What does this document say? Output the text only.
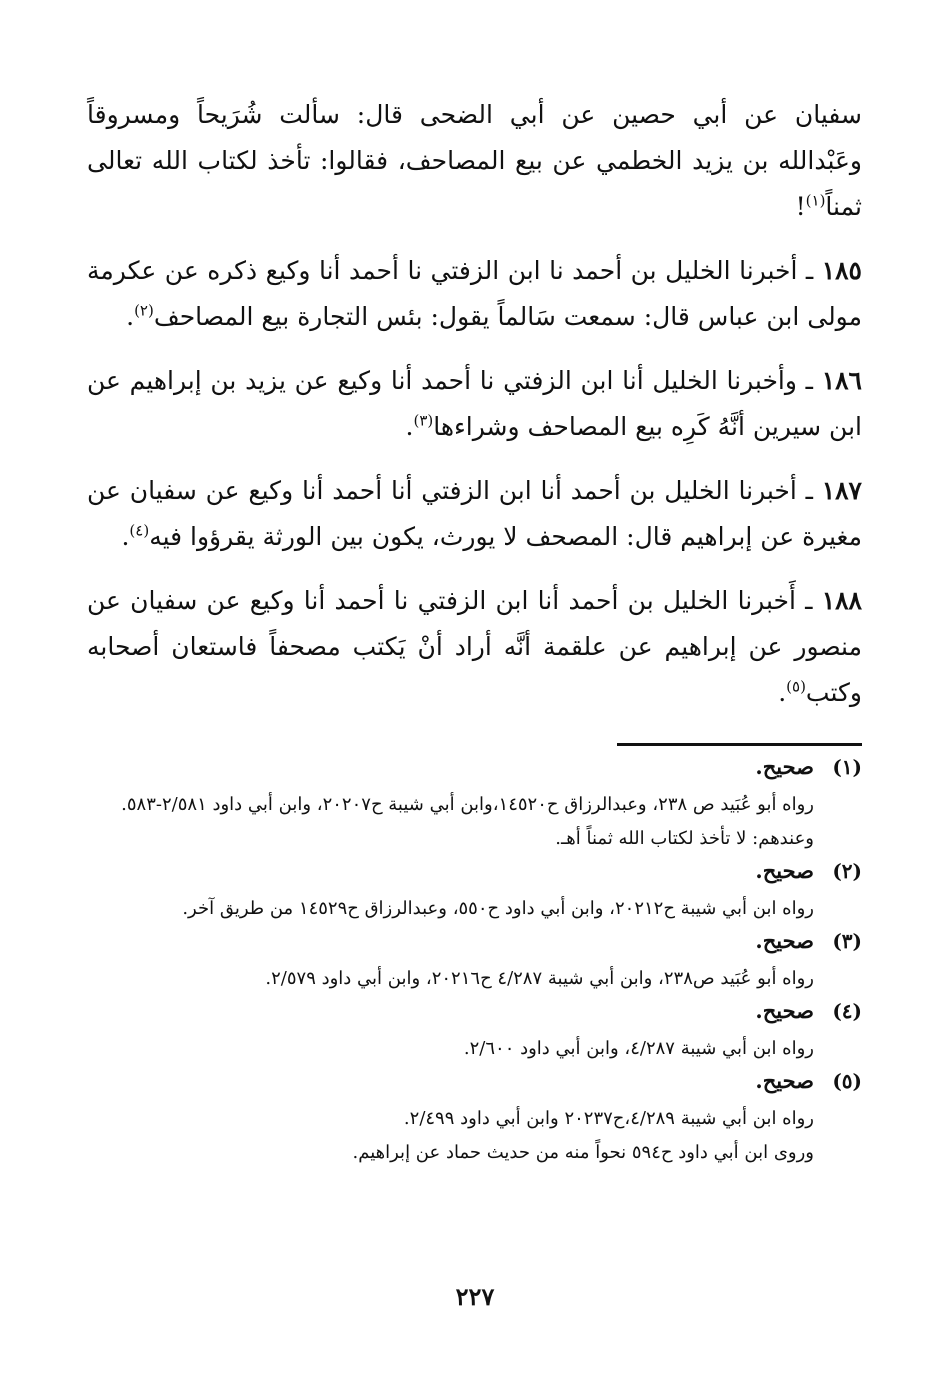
سفيان عن أبي حصين عن أبي الضحى قال: سألت شُرَيحاً ومسروقاً وعَبْدالله بن يزيد الخطمي عن بيع المصاحف، فقالوا: تأخذ لكتاب الله تعالى ثمناً$^{(١)}$!

١٨٥ ـ أخبرنا الخليل بن أحمد نا ابن الزفتي نا أحمد أنا وكيع ذكره عن عكرمة مولى ابن عباس قال: سمعت سَالماً يقول: بئس التجارة بيع المصاحف$^{(٢)}$.

١٨٦ ـ وأخبرنا الخليل أنا ابن الزفتي نا أحمد أنا وكيع عن يزيد بن إبراهيم عن ابن سيرين أنَّهُ كَرِه بيع المصاحف وشراءها$^{(٣)}$.

١٨٧ ـ أخبرنا الخليل بن أحمد أنا ابن الزفتي أنا أحمد أنا وكيع عن سفيان عن مغيرة عن إبراهيم قال: المصحف لا يورث، يكون بين الورثة يقرؤوا فيه$^{(٤)}$.

١٨٨ ـ أَخبرنا الخليل بن أحمد أنا ابن الزفتي نا أحمد أنا وكيع عن سفيان عن منصور عن إبراهيم عن علقمة أنَّه أراد أنْ يَكتب مصحفاً فاستعان أصحابه وكتب$^{(٥)}$.

(١)
صحيح.

رواه أبو عُبَيد ص ٢٣٨، وعبدالرزاق ح١٤٥٢٠،وابن أبي شيبة ح٢٠٢٠٧، وابن أبي داود ٢/٥٨١-٥٨٣.

وعندهم: لا تأخذ لكتاب الله ثمناً أهـ.

(٢)
صحيح.

رواه ابن أبي شيبة ح٢٠٢١٢، وابن أبي داود ح٥٥٠، وعبدالرزاق ح١٤٥٢٩ من طريق آخر.

(٣)
صحيح.

رواه أبو عُبَيد ص٢٣٨، وابن أبي شيبة ٤/٢٨٧ ح٢٠٢١٦، وابن أبي داود ٢/٥٧٩.

(٤)
صحيح.

رواه ابن أبي شيبة ٤/٢٨٧، وابن أبي داود ٢/٦٠٠.

(٥)
صحيح.

رواه ابن أبي شيبة ٤/٢٨٩،ح٢٠٢٣٧ وابن أبي داود ٢/٤٩٩.

وروى ابن أبي داود ح٥٩٤ نحواً منه من حديث حماد عن إبراهيم.

٢٢٧
